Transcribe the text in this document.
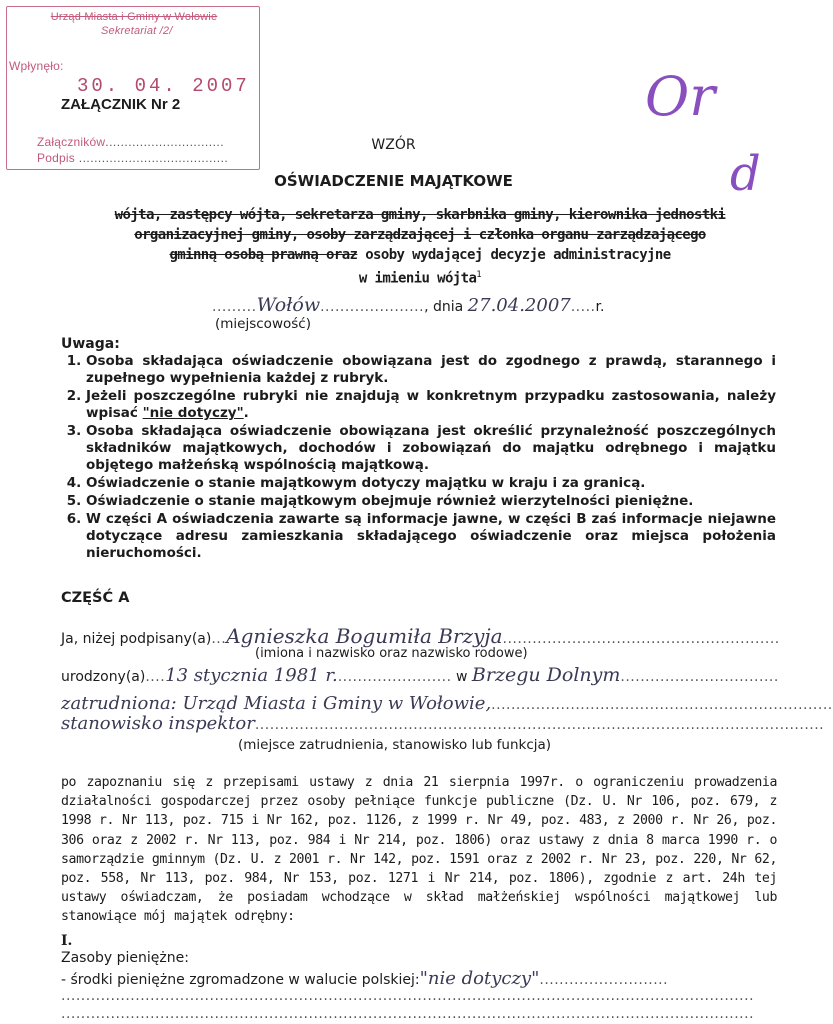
Urząd Miasta i Gminy w Wołowie
Sekretariat /2/
Wpłynęło:
30. 04. 2007
Załączników...............................
Podpis .......................................
ZAŁĄCZNIK Nr 2	Or
d
WZÓR
OŚWIADCZENIE MAJĄTKOWE
wójta, zastępcy wójta, sekretarza gminy, skarbnika gminy, kierownika jednostki
organizacyjnej gminy, osoby zarządzającej i członka organu zarządzającego
gminną osobą prawną oraz osoby wydającej decyzje administracyjne
w imieniu wójta$^1$
.........Wołów....................., dnia 27.04.2007.....r.
(miejscowość)
Uwaga:
1. Osoba składająca oświadczenie obowiązana jest do zgodnego z prawdą, starannego i zupełnego wypełnienia każdej z rubryk.
2. Jeżeli poszczególne rubryki nie znajdują w konkretnym przypadku zastosowania, należy wpisać "nie dotyczy".
3. Osoba składająca oświadczenie obowiązana jest określić przynależność poszczególnych składników majątkowych, dochodów i zobowiązań do majątku odrębnego i majątku objętego małżeńską wspólnością majątkową.
4. Oświadczenie o stanie majątkowym dotyczy majątku w kraju i za granicą.
5. Oświadczenie o stanie majątkowym obejmuje również wierzytelności pieniężne.
6. W części A oświadczenia zawarte są informacje jawne, w części B zaś informacje niejawne dotyczące adresu zamieszkania składającego oświadczenie oraz miejsca położenia nieruchomości.
CZĘŚĆ A
Ja, niżej podpisany(a)...Agnieszka Bogumiła Brzyja........................................................
(imiona i nazwisko oraz nazwisko rodowe)
urodzony(a)....13 stycznia 1981 r........................ w Brzegu Dolnym................................
zatrudniona: Urząd Miasta i Gminy w Wołowie,.....................................................................
stanowisko inspektor...................................................................................................................
(miejsce zatrudnienia, stanowisko lub funkcja)
po zapoznaniu się z przepisami ustawy z dnia 21 sierpnia 1997r. o ograniczeniu prowadzenia działalności gospodarczej przez osoby pełniące funkcje publiczne (Dz. U. Nr 106, poz. 679, z 1998 r. Nr 113, poz. 715 i Nr 162, poz. 1126, z 1999 r. Nr 49, poz. 483, z 2000 r. Nr 26, poz. 306 oraz z 2002 r. Nr 113, poz. 984 i Nr 214, poz. 1806) oraz ustawy z dnia 8 marca 1990 r. o samorządzie gminnym (Dz. U. z 2001 r. Nr 142, poz. 1591 oraz z 2002 r. Nr 23, poz. 220, Nr 62, poz. 558, Nr 113, poz. 984, Nr 153, poz. 1271 i Nr 214, poz. 1806), zgodnie z art. 24h tej ustawy oświadczam, że posiadam wchodzące w skład małżeńskiej wspólności majątkowej lub stanowiące mój majątek odrębny:
I.
Zasoby pieniężne:
- środki pieniężne zgromadzone w walucie polskiej:"nie dotyczy"..........................
............................................................................................................................................
............................................................................................................................................
